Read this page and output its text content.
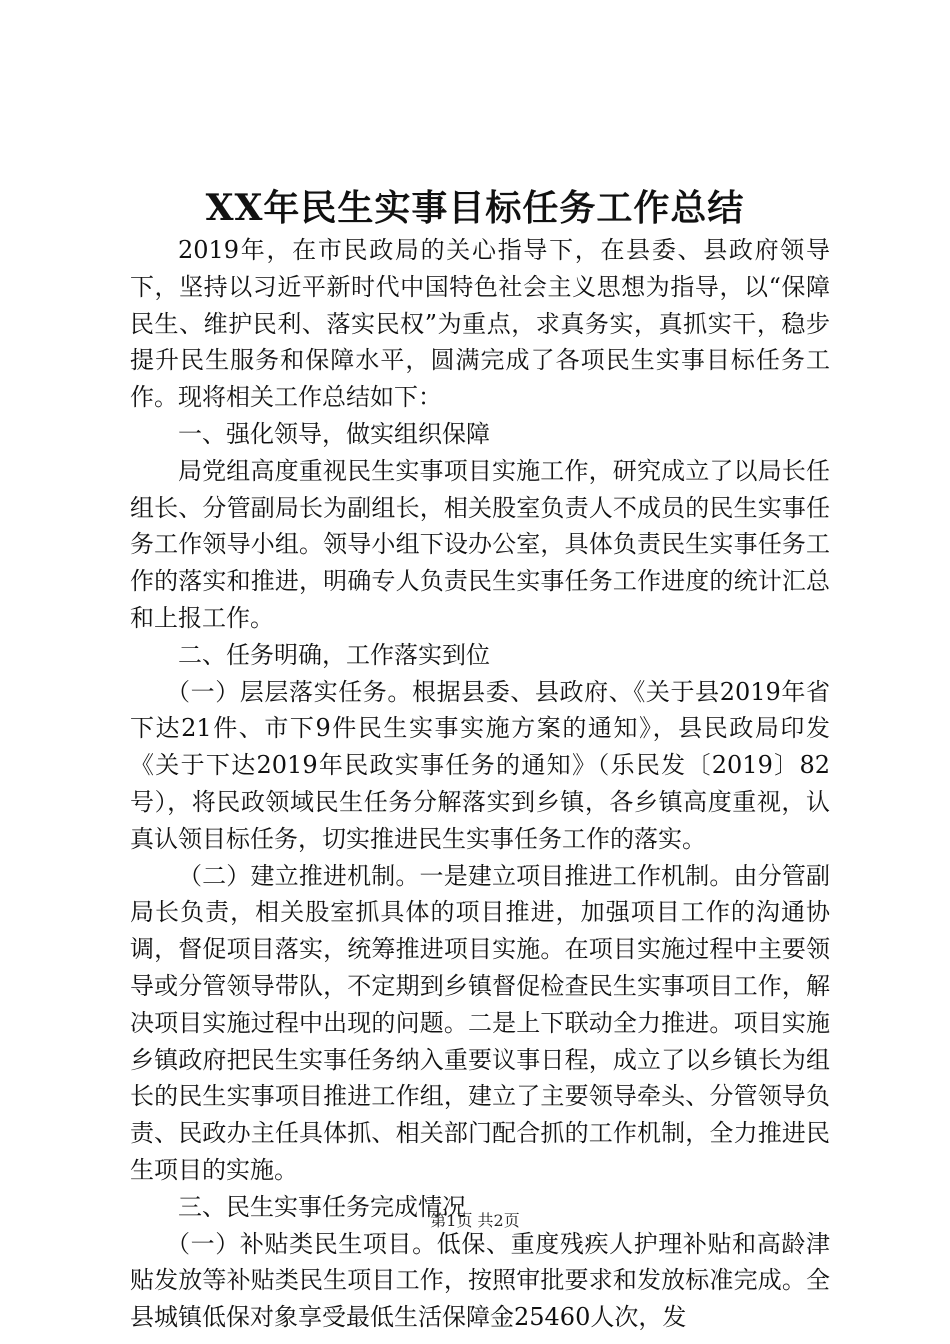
XX年民生实事目标任务工作总结

2019年，在市民政局的关心指导下，在县委、县政府领导下，坚持以习近平新时代中国特色社会主义思想为指导，以“保障民生、维护民利、落实民权”为重点，求真务实，真抓实干，稳步提升民生服务和保障水平，圆满完成了各项民生实事目标任务工作。现将相关工作总结如下：

一、强化领导，做实组织保障

局党组高度重视民生实事项目实施工作，研究成立了以局长任组长、分管副局长为副组长，相关股室负责人不成员的民生实事任务工作领导小组。领导小组下设办公室，具体负责民生实事任务工作的落实和推进，明确专人负责民生实事任务工作进度的统计汇总和上报工作。

二、任务明确，工作落实到位

（一）层层落实任务。根据县委、县政府、《关于县2019年省下达21件、市下9件民生实事实施方案的通知》，县民政局印发《关于下达2019年民政实事任务的通知》（乐民发〔2019〕82号），将民政领域民生任务分解落实到乡镇，各乡镇高度重视，认真认领目标任务，切实推进民生实事任务工作的落实。

（二）建立推进机制。一是建立项目推进工作机制。由分管副局长负责，相关股室抓具体的项目推进，加强项目工作的沟通协调，督促项目落实，统筹推进项目实施。在项目实施过程中主要领导或分管领导带队，不定期到乡镇督促检查民生实事项目工作，解决项目实施过程中出现的问题。二是上下联动全力推进。项目实施乡镇政府把民生实事任务纳入重要议事日程，成立了以乡镇长为组长的民生实事项目推进工作组，建立了主要领导牵头、分管领导负责、民政办主任具体抓、相关部门配合抓的工作机制，全力推进民生项目的实施。

三、民生实事任务完成情况

（一）补贴类民生项目。低保、重度残疾人护理补贴和高龄津贴发放等补贴类民生项目工作，按照审批要求和发放标准完成。全县城镇低保对象享受最低生活保障金25460人次，发

第1页 共2页
